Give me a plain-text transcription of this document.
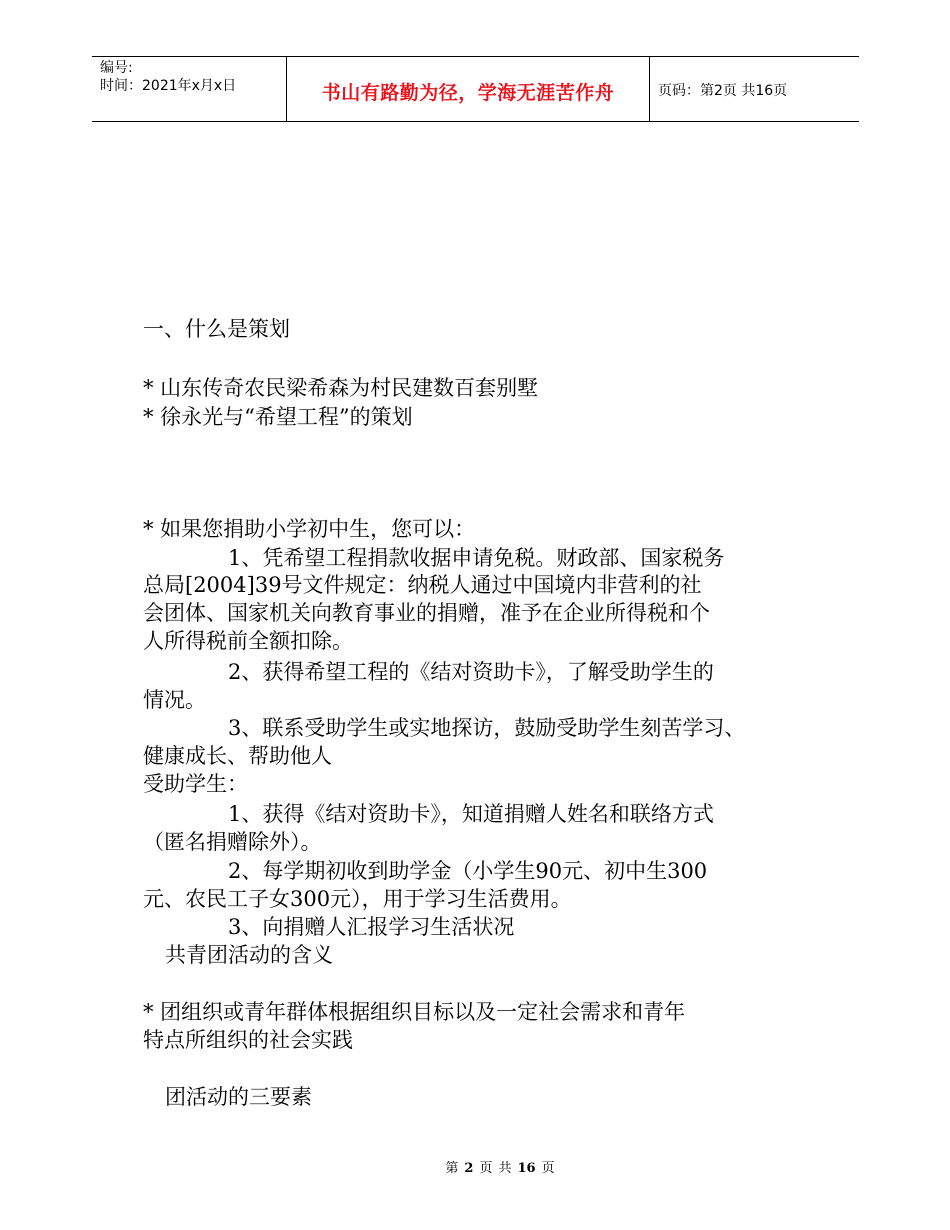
编号:
时间：2021年x月x日	书山有路勤为径，学海无涯苦作舟	页码：第2页 共16页
一、什么是策划
* 山东传奇农民梁希森为村民建数百套别墅
* 徐永光与“希望工程”的策划
* 如果您捐助小学初中生，您可以：
1、凭希望工程捐款收据申请免税。财政部、国家税务
总局[2004]39号文件规定：纳税人通过中国境内非营利的社
会团体、国家机关向教育事业的捐赠，准予在企业所得税和个
人所得税前全额扣除。
2、获得希望工程的《结对资助卡》，了解受助学生的
情况。
3、联系受助学生或实地探访，鼓励受助学生刻苦学习、
健康成长、帮助他人
受助学生：
1、获得《结对资助卡》，知道捐赠人姓名和联络方式
（匿名捐赠除外）。
2、每学期初收到助学金（小学生90元、初中生300
元、农民工子女300元），用于学习生活费用。
3、向捐赠人汇报学习生活状况
共青团活动的含义
* 团组织或青年群体根据组织目标以及一定社会需求和青年
特点所组织的社会实践
团活动的三要素
第 2 页 共 16 页
